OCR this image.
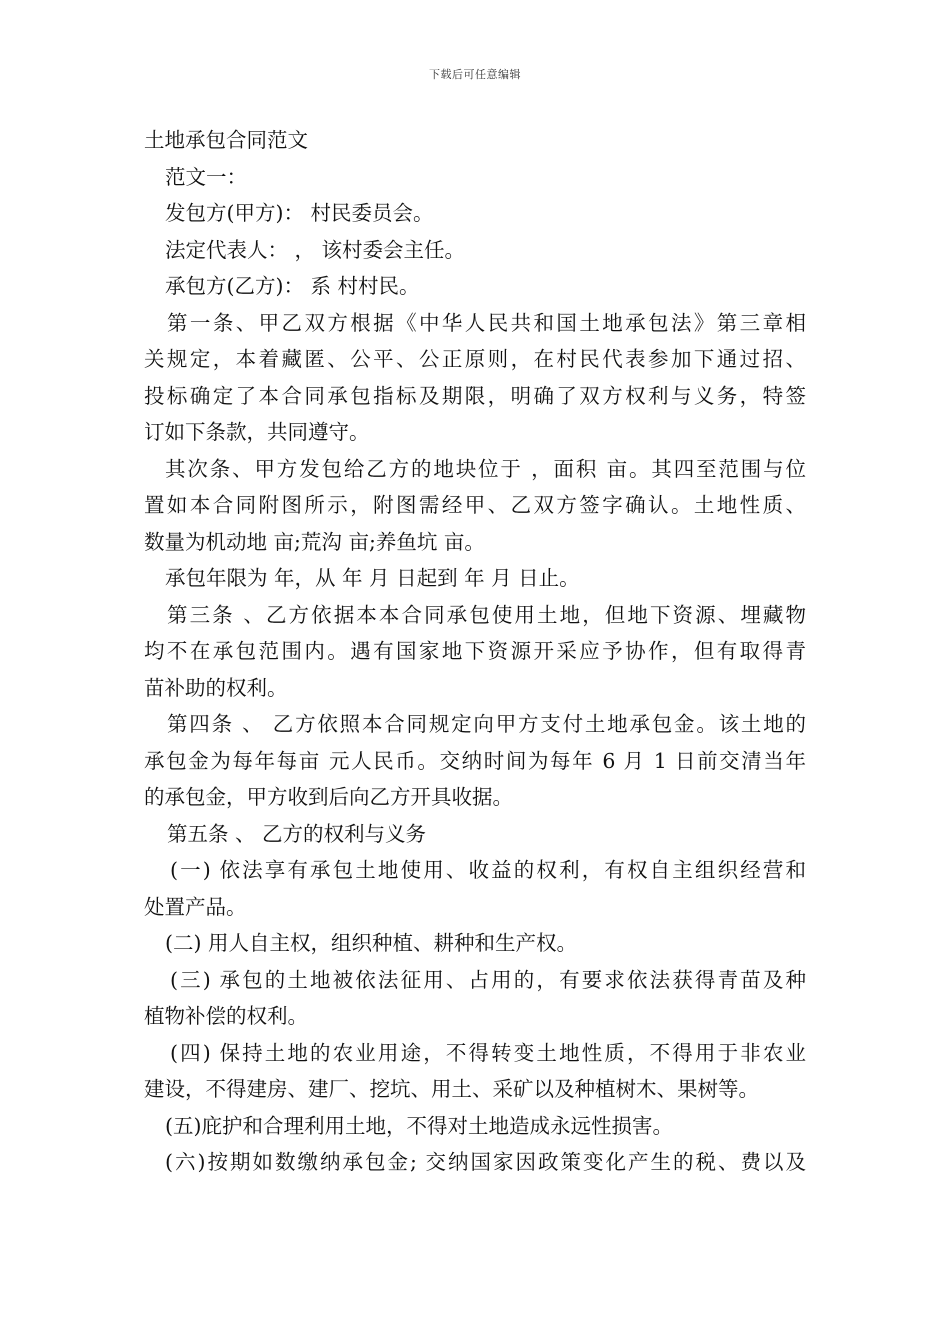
下载后可任意编辑
土地承包合同范文
范文一：
发包方(甲方)： 村民委员会。
法定代表人： ， 该村委会主任。
承包方(乙方)： 系 村村民。
第一条、甲乙双方根据《中华人民共和国土地承包法》第三章相
关规定，本着藏匿、公平、公正原则，在村民代表参加下通过招、
投标确定了本合同承包指标及期限，明确了双方权利与义务，特签
订如下条款，共同遵守。
其次条、甲方发包给乙方的地块位于 ，面积 亩。其四至范围与位
置如本合同附图所示，附图需经甲、乙双方签字确认。土地性质、
数量为机动地 亩;荒沟 亩;养鱼坑 亩。
承包年限为 年，从 年 月 日起到 年 月 日止。
第三条 、乙方依据本本合同承包使用土地，但地下资源、埋藏物
均不在承包范围内。遇有国家地下资源开采应予协作，但有取得青
苗补助的权利。
第四条 、 乙方依照本合同规定向甲方支付土地承包金。该土地的
承包金为每年每亩 元人民币。交纳时间为每年 6 月 1 日前交清当年
的承包金，甲方收到后向乙方开具收据。
第五条 、 乙方的权利与义务
(一) 依法享有承包土地使用、收益的权利，有权自主组织经营和
处置产品。
(二) 用人自主权，组织种植、耕种和生产权。
(三) 承包的土地被依法征用、占用的，有要求依法获得青苗及种
植物补偿的权利。
(四) 保持土地的农业用途，不得转变土地性质，不得用于非农业
建设，不得建房、建厂、挖坑、用土、采矿以及种植树木、果树等。
(五)庇护和合理利用土地，不得对土地造成永远性损害。
(六)按期如数缴纳承包金; 交纳国家因政策变化产生的税、费以及
